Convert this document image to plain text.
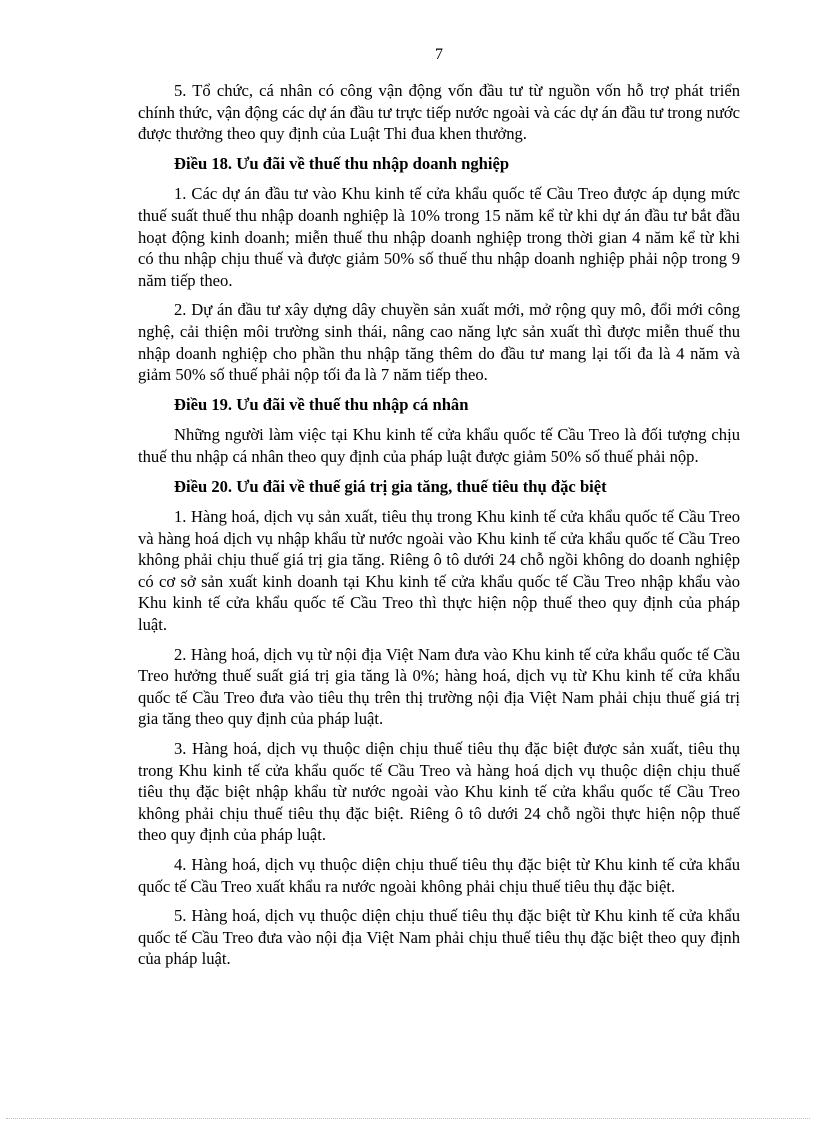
7

5. Tổ chức, cá nhân có công vận động vốn đầu tư từ nguồn vốn hỗ trợ phát triển chính thức, vận động các dự án đầu tư trực tiếp nước ngoài và các dự án đầu tư trong nước được thưởng theo quy định của Luật Thi đua khen thưởng.

Điều 18. Ưu đãi về thuế thu nhập doanh nghiệp

1. Các dự án đầu tư vào Khu kinh tế cửa khẩu quốc tế Cầu Treo được áp dụng mức thuế suất thuế thu nhập doanh nghiệp là 10% trong 15 năm kể từ khi dự án đầu tư bắt đầu hoạt động kinh doanh; miễn thuế thu nhập doanh nghiệp trong thời gian 4 năm kể từ khi có thu nhập chịu thuế và được giảm 50% số thuế thu nhập doanh nghiệp phải nộp trong 9 năm tiếp theo.

2. Dự án đầu tư xây dựng dây chuyền sản xuất mới, mở rộng quy mô, đổi mới công nghệ, cải thiện môi trường sinh thái, nâng cao năng lực sản xuất thì được miễn thuế thu nhập doanh nghiệp cho phần thu nhập tăng thêm do đầu tư mang lại tối đa là 4 năm và giảm 50% số thuế phải nộp tối đa là 7 năm tiếp theo.

Điều 19. Ưu đãi về thuế thu nhập cá nhân

Những người làm việc tại Khu kinh tế cửa khẩu quốc tế Cầu Treo là đối tượng chịu thuế thu nhập cá nhân theo quy định của pháp luật được giảm 50% số thuế phải nộp.

Điều 20. Ưu đãi về thuế giá trị gia tăng, thuế tiêu thụ đặc biệt

1. Hàng hoá, dịch vụ sản xuất, tiêu thụ trong Khu kinh tế cửa khẩu quốc tế Cầu Treo và hàng hoá dịch vụ nhập khẩu từ nước ngoài vào Khu kinh tế cửa khẩu quốc tế Cầu Treo không phải chịu thuế giá trị gia tăng. Riêng ô tô dưới 24 chỗ ngồi không do doanh nghiệp có cơ sở sản xuất kinh doanh tại Khu kinh tế cửa khẩu quốc tế Cầu Treo nhập khẩu vào Khu kinh tế cửa khẩu quốc tế Cầu Treo thì thực hiện nộp thuế theo quy định của pháp luật.

2. Hàng hoá, dịch vụ từ nội địa Việt Nam đưa vào Khu kinh tế cửa khẩu quốc tế Cầu Treo hưởng thuế suất giá trị gia tăng là 0%; hàng hoá, dịch vụ từ Khu kinh tế cửa khẩu quốc tế Cầu Treo đưa vào tiêu thụ trên thị trường nội địa Việt Nam phải chịu thuế giá trị gia tăng theo quy định của pháp luật.

3. Hàng hoá, dịch vụ thuộc diện chịu thuế tiêu thụ đặc biệt được sản xuất, tiêu thụ trong Khu kinh tế cửa khẩu quốc tế Cầu Treo và hàng hoá dịch vụ thuộc diện chịu thuế tiêu thụ đặc biệt nhập khẩu từ nước ngoài vào Khu kinh tế cửa khẩu quốc tế Cầu Treo không phải chịu thuế tiêu thụ đặc biệt. Riêng ô tô dưới 24 chỗ ngồi thực hiện nộp thuế theo quy định của pháp luật.

4. Hàng hoá, dịch vụ thuộc diện chịu thuế tiêu thụ đặc biệt từ Khu kinh tế cửa khẩu quốc tế Cầu Treo xuất khẩu ra nước ngoài không phải chịu thuế tiêu thụ đặc biệt.

5. Hàng hoá, dịch vụ thuộc diện chịu thuế tiêu thụ đặc biệt từ Khu kinh tế cửa khẩu quốc tế Cầu Treo đưa vào nội địa Việt Nam phải chịu thuế tiêu thụ đặc biệt theo quy định của pháp luật.
